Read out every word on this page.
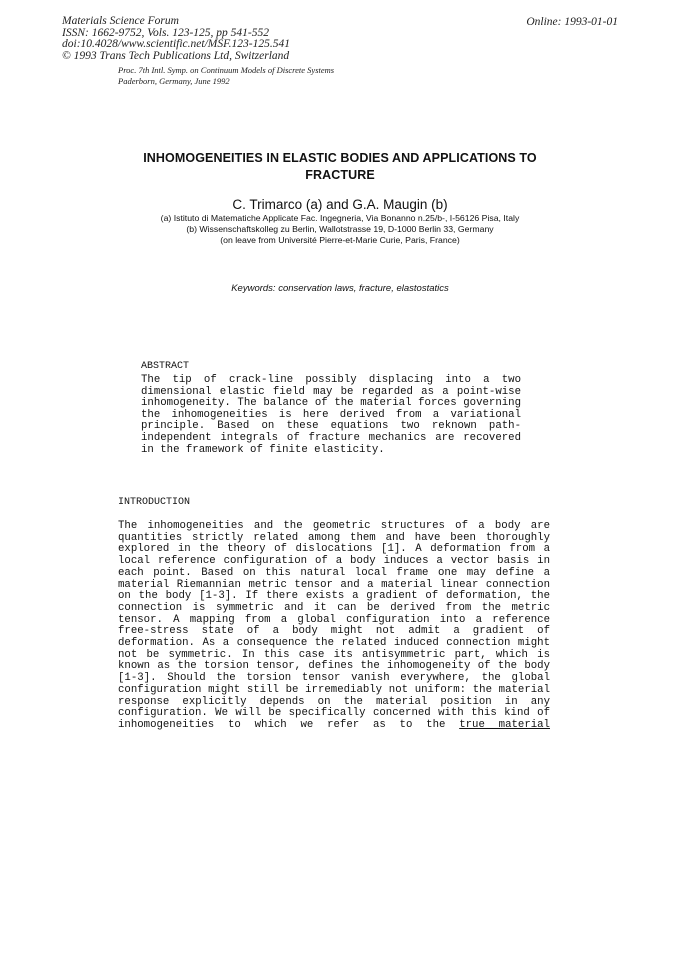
Materials Science Forum
ISSN: 1662-9752, Vols. 123-125, pp 541-552
doi:10.4028/www.scientific.net/MSF.123-125.541
© 1993 Trans Tech Publications Ltd, Switzerland
Online: 1993-01-01
Proc. 7th Intl. Symp. on Continuum Models of Discrete Systems
Paderborn, Germany, June 1992
INHOMOGENEITIES IN ELASTIC BODIES AND APPLICATIONS TO
FRACTURE
C. Trimarco (a) and G.A. Maugin (b)
(a) Istituto di Matematiche Applicate Fac. Ingegneria, Via Bonanno n.25/b-, I-56126 Pisa, Italy
(b) Wissenschaftskolleg zu Berlin, Wallotstrasse 19, D-1000 Berlin 33, Germany
(on leave from Université Pierre-et-Marie Curie, Paris, France)
Keywords: conservation laws, fracture, elastostatics
ABSTRACT
The tip of crack-line possibly displacing into a two dimensional elastic field may be regarded as a point-wise inhomogeneity. The balance of the material forces governing the inhomogeneities is here derived from a variational principle. Based on these equations two reknown path-independent integrals of fracture mechanics are recovered in the framework of finite elasticity.
INTRODUCTION
The inhomogeneities and the geometric structures of a body are quantities strictly related among them and have been thoroughly explored in the theory of dislocations [1]. A deformation from a local reference configuration of a body induces a vector basis in each point. Based on this natural local frame one may define a material Riemannian metric tensor and a material linear connection on the body [1-3]. If there exists a gradient of deformation, the connection is symmetric and it can be derived from the metric tensor. A mapping from a global configuration into a reference free-stress state of a body might not admit a gradient of deformation. As a consequence the related induced connection might not be symmetric. In this case its antisymmetric part, which is known as the torsion tensor, defines the inhomogeneity of the body [1-3]. Should the torsion tensor vanish everywhere, the global configuration might still be irremediably not uniform: the material response explicitly depends on the material position in any configuration. We will be specifically concerned with this kind of inhomogeneities to which we refer as to the true material
